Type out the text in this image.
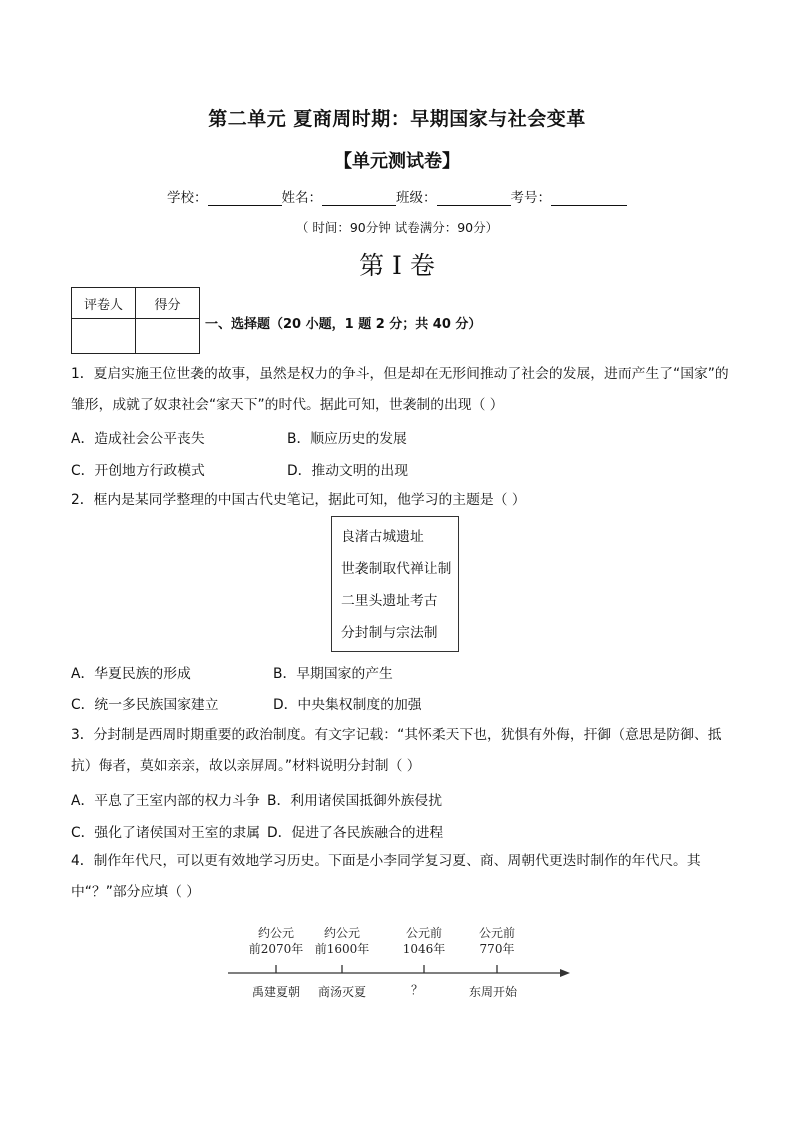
第二单元 夏商周时期：早期国家与社会变革
【单元测试卷】
学校：	姓名：	班级：	考号：
（ 时间：90分钟 试卷满分：90分）
第 I 卷
评卷人	得分

一、选择题（20 小题，1 题 2 分；共 40 分）
1．夏启实施王位世袭的故事，虽然是权力的争斗，但是却在无形间推动了社会的发展，进而产生了“国家”的雏形，成就了奴隶社会“家天下”的时代。据此可知，世袭制的出现（ ）
A．造成社会公平丧失	B．顺应历史的发展
C．开创地方行政模式	D．推动文明的出现
2．框内是某同学整理的中国古代史笔记，据此可知，他学习的主题是（ ）
良渚古城遗址
世袭制取代禅让制
二里头遗址考古
分封制与宗法制
A．华夏民族的形成	B．早期国家的产生
C．统一多民族国家建立	D．中央集权制度的加强
3．分封制是西周时期重要的政治制度。有文字记载：“其怀柔天下也，犹惧有外侮，扞御（意思是防御、抵抗）侮者，莫如亲亲，故以亲屏周。”材料说明分封制（ ）
A．平息了王室内部的权力斗争 B．利用诸侯国抵御外族侵扰
C．强化了诸侯国对王室的隶属 D．促进了各民族融合的进程
4．制作年代尺，可以更有效地学习历史。下面是小李同学复习夏、商、周朝代更迭时制作的年代尺。其中“？”部分应填（ ）
约公元
前2070年
禹建夏朝
约公元
前1600年
商汤灭夏
公元前
1046年
？
公元前
770年
东周开始
